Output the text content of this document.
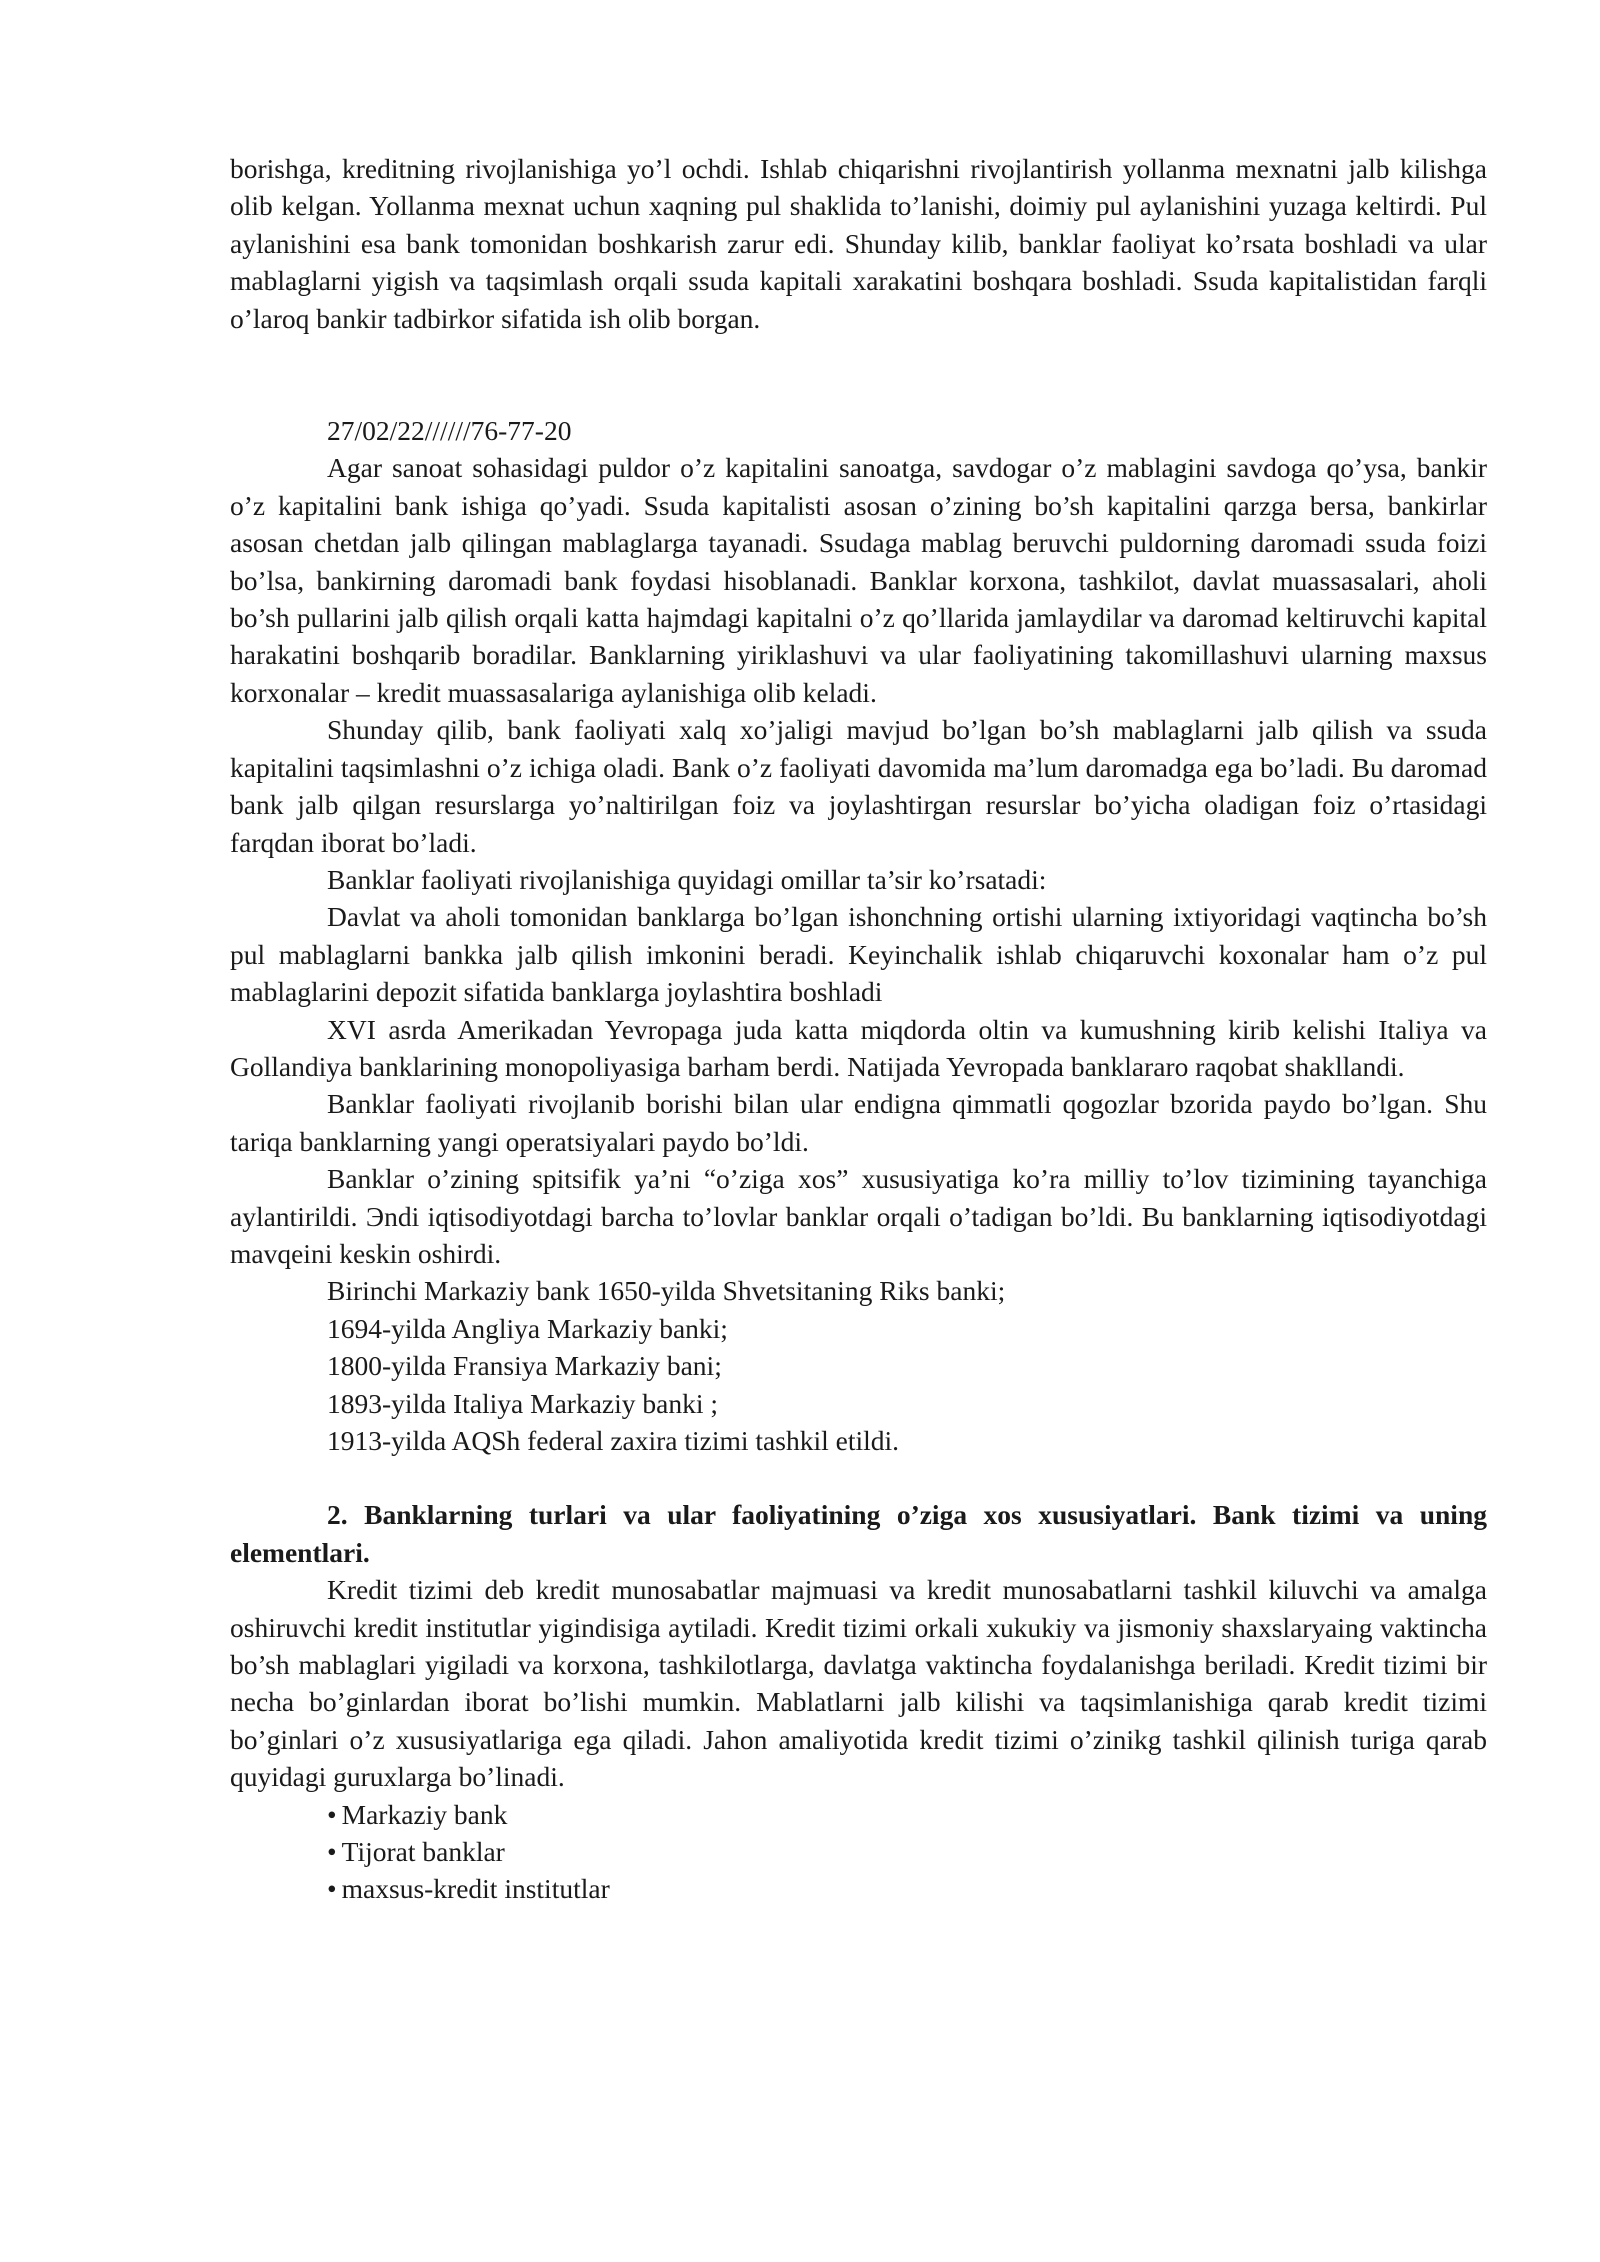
borishga, kreditning rivojlanishiga yo’l ochdi. Ishlab chiqarishni rivojlantirish yollanma mexnatni jalb kilishga olib kelgan. Yollanma mexnat uchun xaqning pul shaklida to’lanishi, doimiy pul aylanishini yuzaga keltirdi. Pul aylanishini esa bank tomonidan boshkarish zarur edi. Shunday kilib, banklar faoliyat ko’rsata boshladi va ular mablaglarni yigish va taqsimlash orqali ssuda kapitali xarakatini boshqara boshladi. Ssuda kapitalistidan farqli o’laroq bankir tadbirkor sifatida ish olib borgan.

27/02/22//////76-77-20

Agar sanoat sohasidagi puldor o’z kapitalini sanoatga, savdogar o’z mablagini savdoga qo’ysa, bankir o’z kapitalini bank ishiga qo’yadi. Ssuda kapitalisti asosan o’zining bo’sh kapitalini qarzga bersa, bankirlar asosan chetdan jalb qilingan mablaglarga tayanadi. Ssudaga mablag beruvchi puldorning daromadi ssuda foizi bo’lsa, bankirning daromadi bank foydasi hisoblanadi. Banklar korxona, tashkilot, davlat muassasalari, aholi bo’sh pullarini jalb qilish orqali katta hajmdagi kapitalni o’z qo’llarida jamlaydilar va daromad keltiruvchi kapital harakatini boshqarib boradilar. Banklarning yiriklashuvi va ular faoliyatining takomillashuvi ularning maxsus korxonalar – kredit muassasalariga aylanishiga olib keladi.

Shunday qilib, bank faoliyati xalq xo’jaligi mavjud bo’lgan bo’sh mablaglarni jalb qilish va ssuda kapitalini taqsimlashni o’z ichiga oladi. Bank o’z faoliyati davomida ma’lum daromadga ega bo’ladi. Bu daromad bank jalb qilgan resurslarga yo’naltirilgan foiz va joylashtirgan resurslar bo’yicha oladigan foiz o’rtasidagi farqdan iborat bo’ladi.

Banklar faoliyati rivojlanishiga quyidagi omillar ta’sir ko’rsatadi:

Davlat va aholi tomonidan banklarga bo’lgan ishonchning ortishi ularning ixtiyoridagi vaqtincha bo’sh pul mablaglarni bankka jalb qilish imkonini beradi. Keyinchalik ishlab chiqaruvchi koxonalar ham o’z pul mablaglarini depozit sifatida banklarga joylashtira boshladi

XVI asrda Amerikadan Yevropaga juda katta miqdorda oltin va kumushning kirib kelishi Italiya va Gollandiya banklarining monopoliyasiga barham berdi. Natijada Yevropada banklararo raqobat shakllandi.

Banklar faoliyati rivojlanib borishi bilan ular endigna qimmatli qogozlar bzorida paydo bo’lgan. Shu tariqa banklarning yangi operatsiyalari paydo bo’ldi.

Banklar o’zining spitsifik ya’ni “o’ziga xos” xususiyatiga ko’ra milliy to’lov tizimining tayanchiga aylantirildi. Эndi iqtisodiyotdagi barcha to’lovlar banklar orqali o’tadigan bo’ldi. Bu banklarning iqtisodiyotdagi mavqeini keskin oshirdi.

Birinchi Markaziy bank 1650-yilda Shvetsitaning Riks banki;

1694-yilda Angliya Markaziy banki;

1800-yilda Fransiya Markaziy bani;

1893-yilda Italiya Markaziy banki ;

1913-yilda AQSh federal zaxira tizimi tashkil etildi.

2. Banklarning turlari va ular faoliyatining o’ziga xos xususiyatlari. Bank tizimi va uning elementlari.

Kredit tizimi deb kredit munosabatlar majmuasi va kredit munosabatlarni tashkil kiluvchi va amalga oshiruvchi kredit institutlar yigindisiga aytiladi. Kredit tizimi orkali xukukiy va jismoniy shaxslaryaing vaktincha bo’sh mablaglari yigiladi va korxona, tashkilotlarga, davlatga vaktincha foydalanishga beriladi. Kredit tizimi bir necha bo’ginlardan iborat bo’lishi mumkin. Mablatlarni jalb kilishi va taqsimlanishiga qarab kredit tizimi bo’ginlari o’z xususiyatlariga ega qiladi. Jahon amaliyotida kredit tizimi o’zinikg tashkil qilinish turiga qarab quyidagi guruxlarga bo’linadi.

• Markaziy bank

• Tijorat banklar

• maxsus-kredit institutlar
